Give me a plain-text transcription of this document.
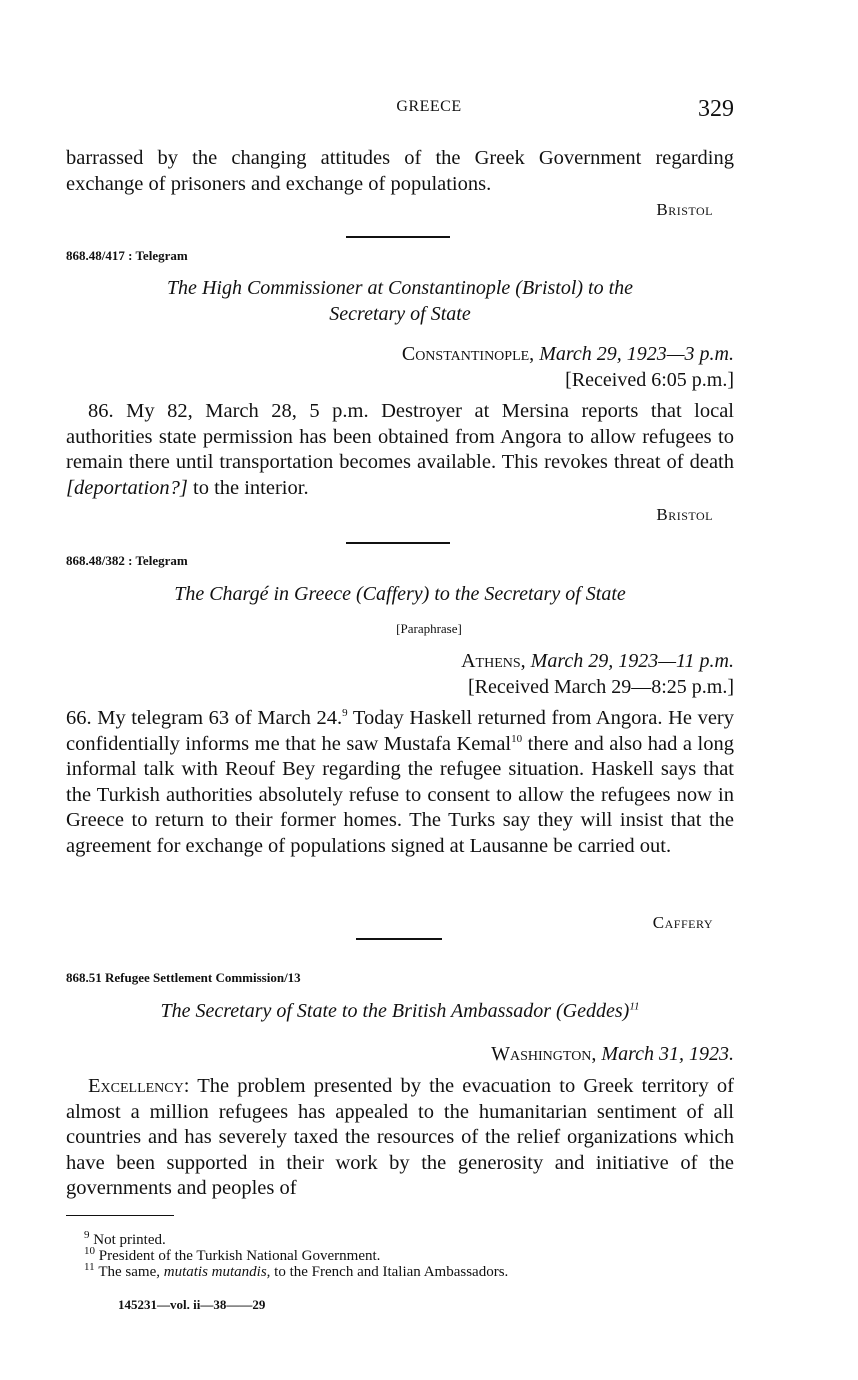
GREECE	329
barrassed by the changing attitudes of the Greek Government regarding exchange of prisoners and exchange of populations.
Bristol
868.48/417 : Telegram
The High Commissioner at Constantinople (Bristol) to the
Secretary of State
Constantinople, March 29, 1923—3 p.m.
[Received 6:05 p.m.]
86. My 82, March 28, 5 p.m. Destroyer at Mersina reports that local authorities state permission has been obtained from Angora to allow refugees to remain there until transportation becomes available. This revokes threat of death [deportation?] to the interior.
Bristol
868.48/382 : Telegram
The Chargé in Greece (Caffery) to the Secretary of State
[Paraphrase]
Athens, March 29, 1923—11 p.m.
[Received March 29—8:25 p.m.]
66. My telegram 63 of March 24.$^9$ Today Haskell returned from Angora. He very confidentially informs me that he saw Mustafa Kemal$^{10}$ there and also had a long informal talk with Reouf Bey regarding the refugee situation. Haskell says that the Turkish authorities absolutely refuse to consent to allow the refugees now in Greece to return to their former homes. The Turks say they will insist that the agreement for exchange of populations signed at Lausanne be carried out.
Caffery
868.51 Refugee Settlement Commission/13
The Secretary of State to the British Ambassador (Geddes)$^{11}$
Washington, March 31, 1923.
Excellency: The problem presented by the evacuation to Greek territory of almost a million refugees has appealed to the humanitarian sentiment of all countries and has severely taxed the resources of the relief organizations which have been supported in their work by the generosity and initiative of the governments and peoples of
$^9$ Not printed.
$^{10}$ President of the Turkish National Government.
$^{11}$ The same, mutatis mutandis, to the French and Italian Ambassadors.
145231—vol. ii—38——29
